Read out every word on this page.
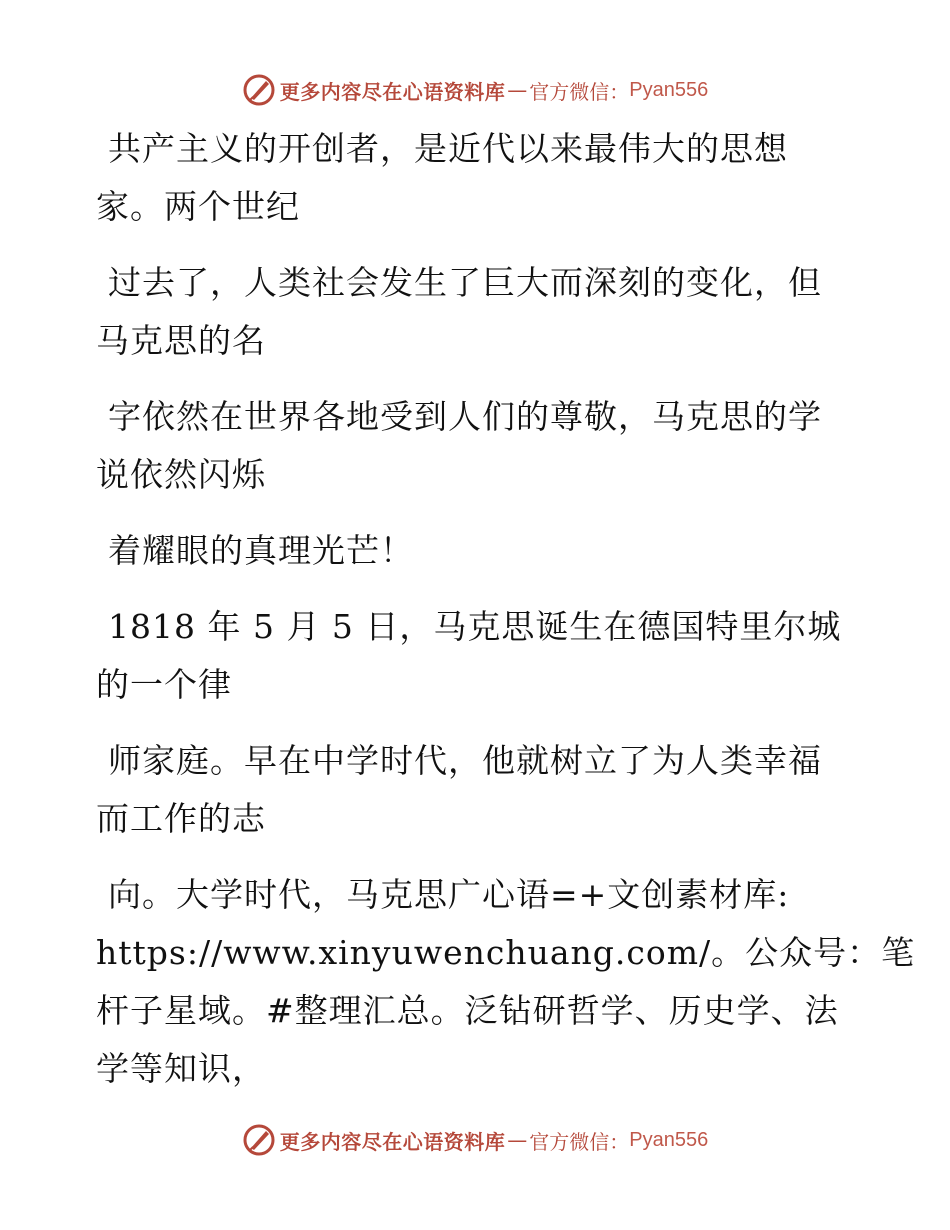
更多内容尽在心语资料库 — 官方微信： Pyan556
共产主义的开创者，是近代以来最伟大的思想
家。两个世纪
过去了，人类社会发生了巨大而深刻的变化，但
马克思的名
字依然在世界各地受到人们的尊敬，马克思的学
说依然闪烁
着耀眼的真理光芒！
1818 年 5 月 5 日，马克思诞生在德国特里尔城
的一个律
师家庭。早在中学时代，他就树立了为人类幸福
而工作的志
向。大学时代，马克思广心语=+文创素材库:
https://www.xinyuwenchuang.com/。公众号：笔
杆子星域。#整理汇总。泛钻研哲学、历史学、法
学等知识，
更多内容尽在心语资料库 — 官方微信： Pyan556
